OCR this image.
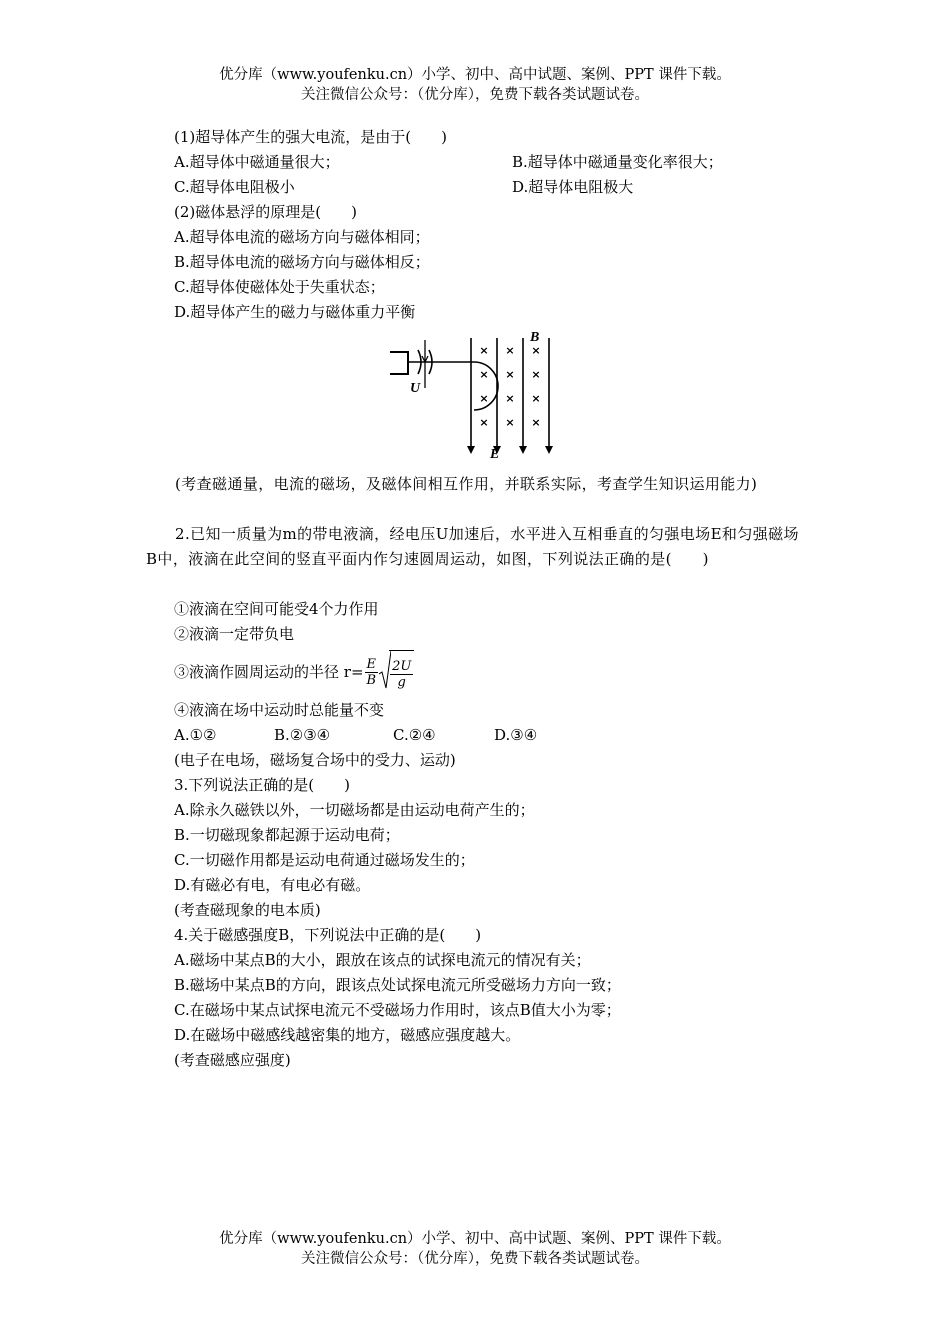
优分库（www.youfenku.cn）小学、初中、高中试题、案例、PPT 课件下载。
关注微信公众号：（优分库），免费下载各类试题试卷。
(1)超导体产生的强大电流，是由于(　　)
A.超导体中磁通量很大；	B.超导体中磁通量变化率很大；
C.超导体电阻极小	D.超导体电阻极大
(2)磁体悬浮的原理是(　　)
A.超导体电流的磁场方向与磁体相同；
B.超导体电流的磁场方向与磁体相反；
C.超导体使磁体处于失重状态；
D.超导体产生的磁力与磁体重力平衡
×
×
×
×
×
×
×
×
×
×
×
×
U
B
E
(考查磁通量，电流的磁场，及磁体间相互作用，并联系实际，考查学生知识运用能力)
2.已知一质量为m的带电液滴，经电压U加速后，水平进入互相垂直的匀强电场E和匀强磁场B中，液滴在此空间的竖直平面内作匀速圆周运动，如图，下列说法正确的是(　　)
①液滴在空间可能受4个力作用
②液滴一定带负电
③液滴作圆周运动的半径 $r= \frac{E}{B} \frac{2U}{g}$
④液滴在场中运动时总能量不变
A.①②	B.②③④	C.②④	D.③④
(电子在电场，磁场复合场中的受力、运动)
3.下列说法正确的是(　　)
A.除永久磁铁以外，一切磁场都是由运动电荷产生的；
B.一切磁现象都起源于运动电荷；
C.一切磁作用都是运动电荷通过磁场发生的；
D.有磁必有电，有电必有磁。
(考查磁现象的电本质)
4.关于磁感强度B，下列说法中正确的是(　　)
A.磁场中某点B的大小，跟放在该点的试探电流元的情况有关；
B.磁场中某点B的方向，跟该点处试探电流元所受磁场力方向一致；
C.在磁场中某点试探电流元不受磁场力作用时，该点B值大小为零；
D.在磁场中磁感线越密集的地方，磁感应强度越大。
(考查磁感应强度)
优分库（www.youfenku.cn）小学、初中、高中试题、案例、PPT 课件下载。
关注微信公众号：（优分库），免费下载各类试题试卷。
